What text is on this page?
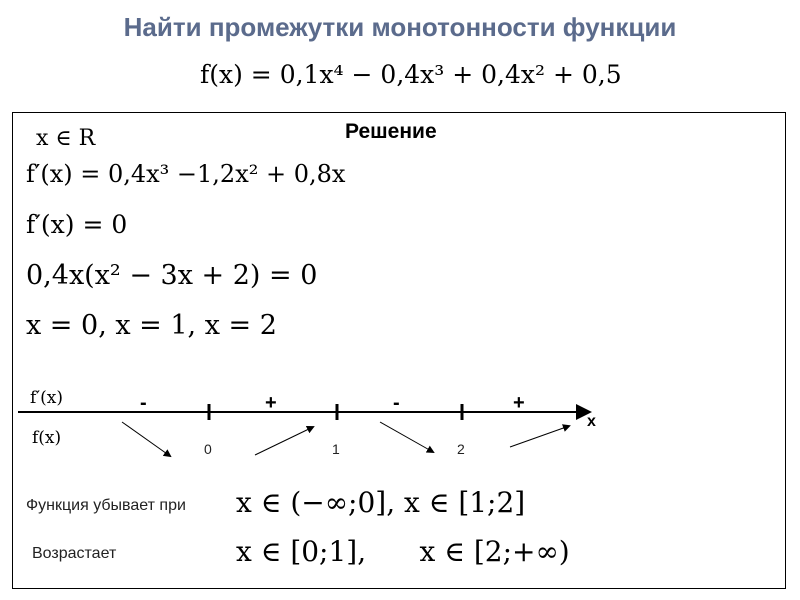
Найти промежутки монотонности функции
f(x) = 0,1x⁴ − 0,4x³ + 0,4x² + 0,5
Решение
x ∈ R
f′(x) = 0,4x³ −1,2x² + 0,8x
f′(x) = 0
0,4x(x² − 3x + 2) = 0
x = 0, x = 1, x = 2
f′(x)
f(x)
-	+	-	+
0	1	2
x
Функция убывает при x ∈ (−∞;0], x ∈ [1;2]
Возрастает	x ∈ [0;1],      x ∈ [2;+∞)
